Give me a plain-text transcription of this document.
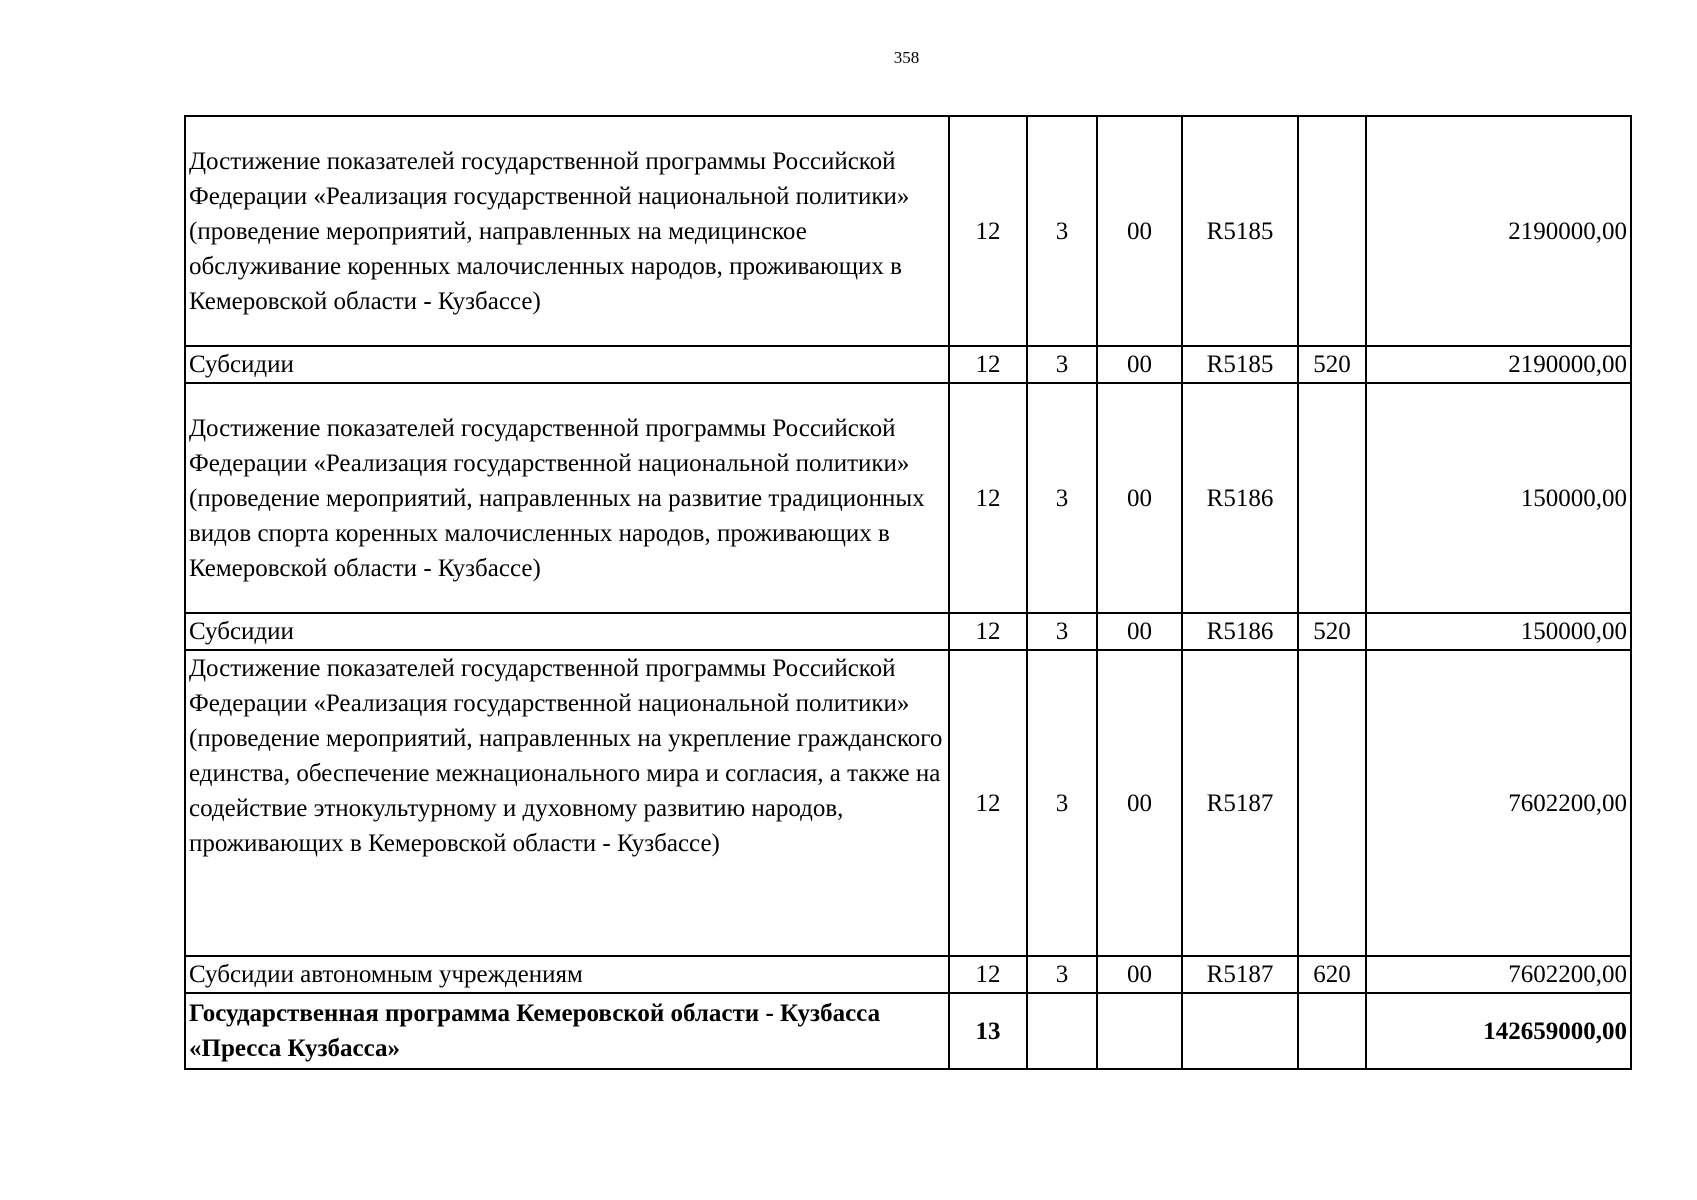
358
Достижение показателей государственной программы Российской Федерации «Реализация государственной национальной политики» (проведение мероприятий, направленных на медицинское обслуживание коренных малочисленных народов, проживающих в Кемеровской области - Кузбассе)	12	3	00	R5185		2190000,00
Субсидии	12	3	00	R5185	520	2190000,00
Достижение показателей государственной программы Российской Федерации «Реализация государственной национальной политики» (проведение мероприятий, направленных на развитие традиционных видов спорта коренных малочисленных народов, проживающих в Кемеровской области - Кузбассе)	12	3	00	R5186		150000,00
Субсидии	12	3	00	R5186	520	150000,00
Достижение показателей государственной программы Российской Федерации «Реализация государственной национальной политики» (проведение мероприятий, направленных на укрепление гражданского единства, обеспечение межнационального мира и согласия, а также на содействие этнокультурному и духовному развитию народов, проживающих в Кемеровской области - Кузбассе)	12	3	00	R5187		7602200,00
Субсидии автономным учреждениям	12	3	00	R5187	620	7602200,00
Государственная программа Кемеровской области - Кузбасса «Пресса Кузбасса»	13					142659000,00
